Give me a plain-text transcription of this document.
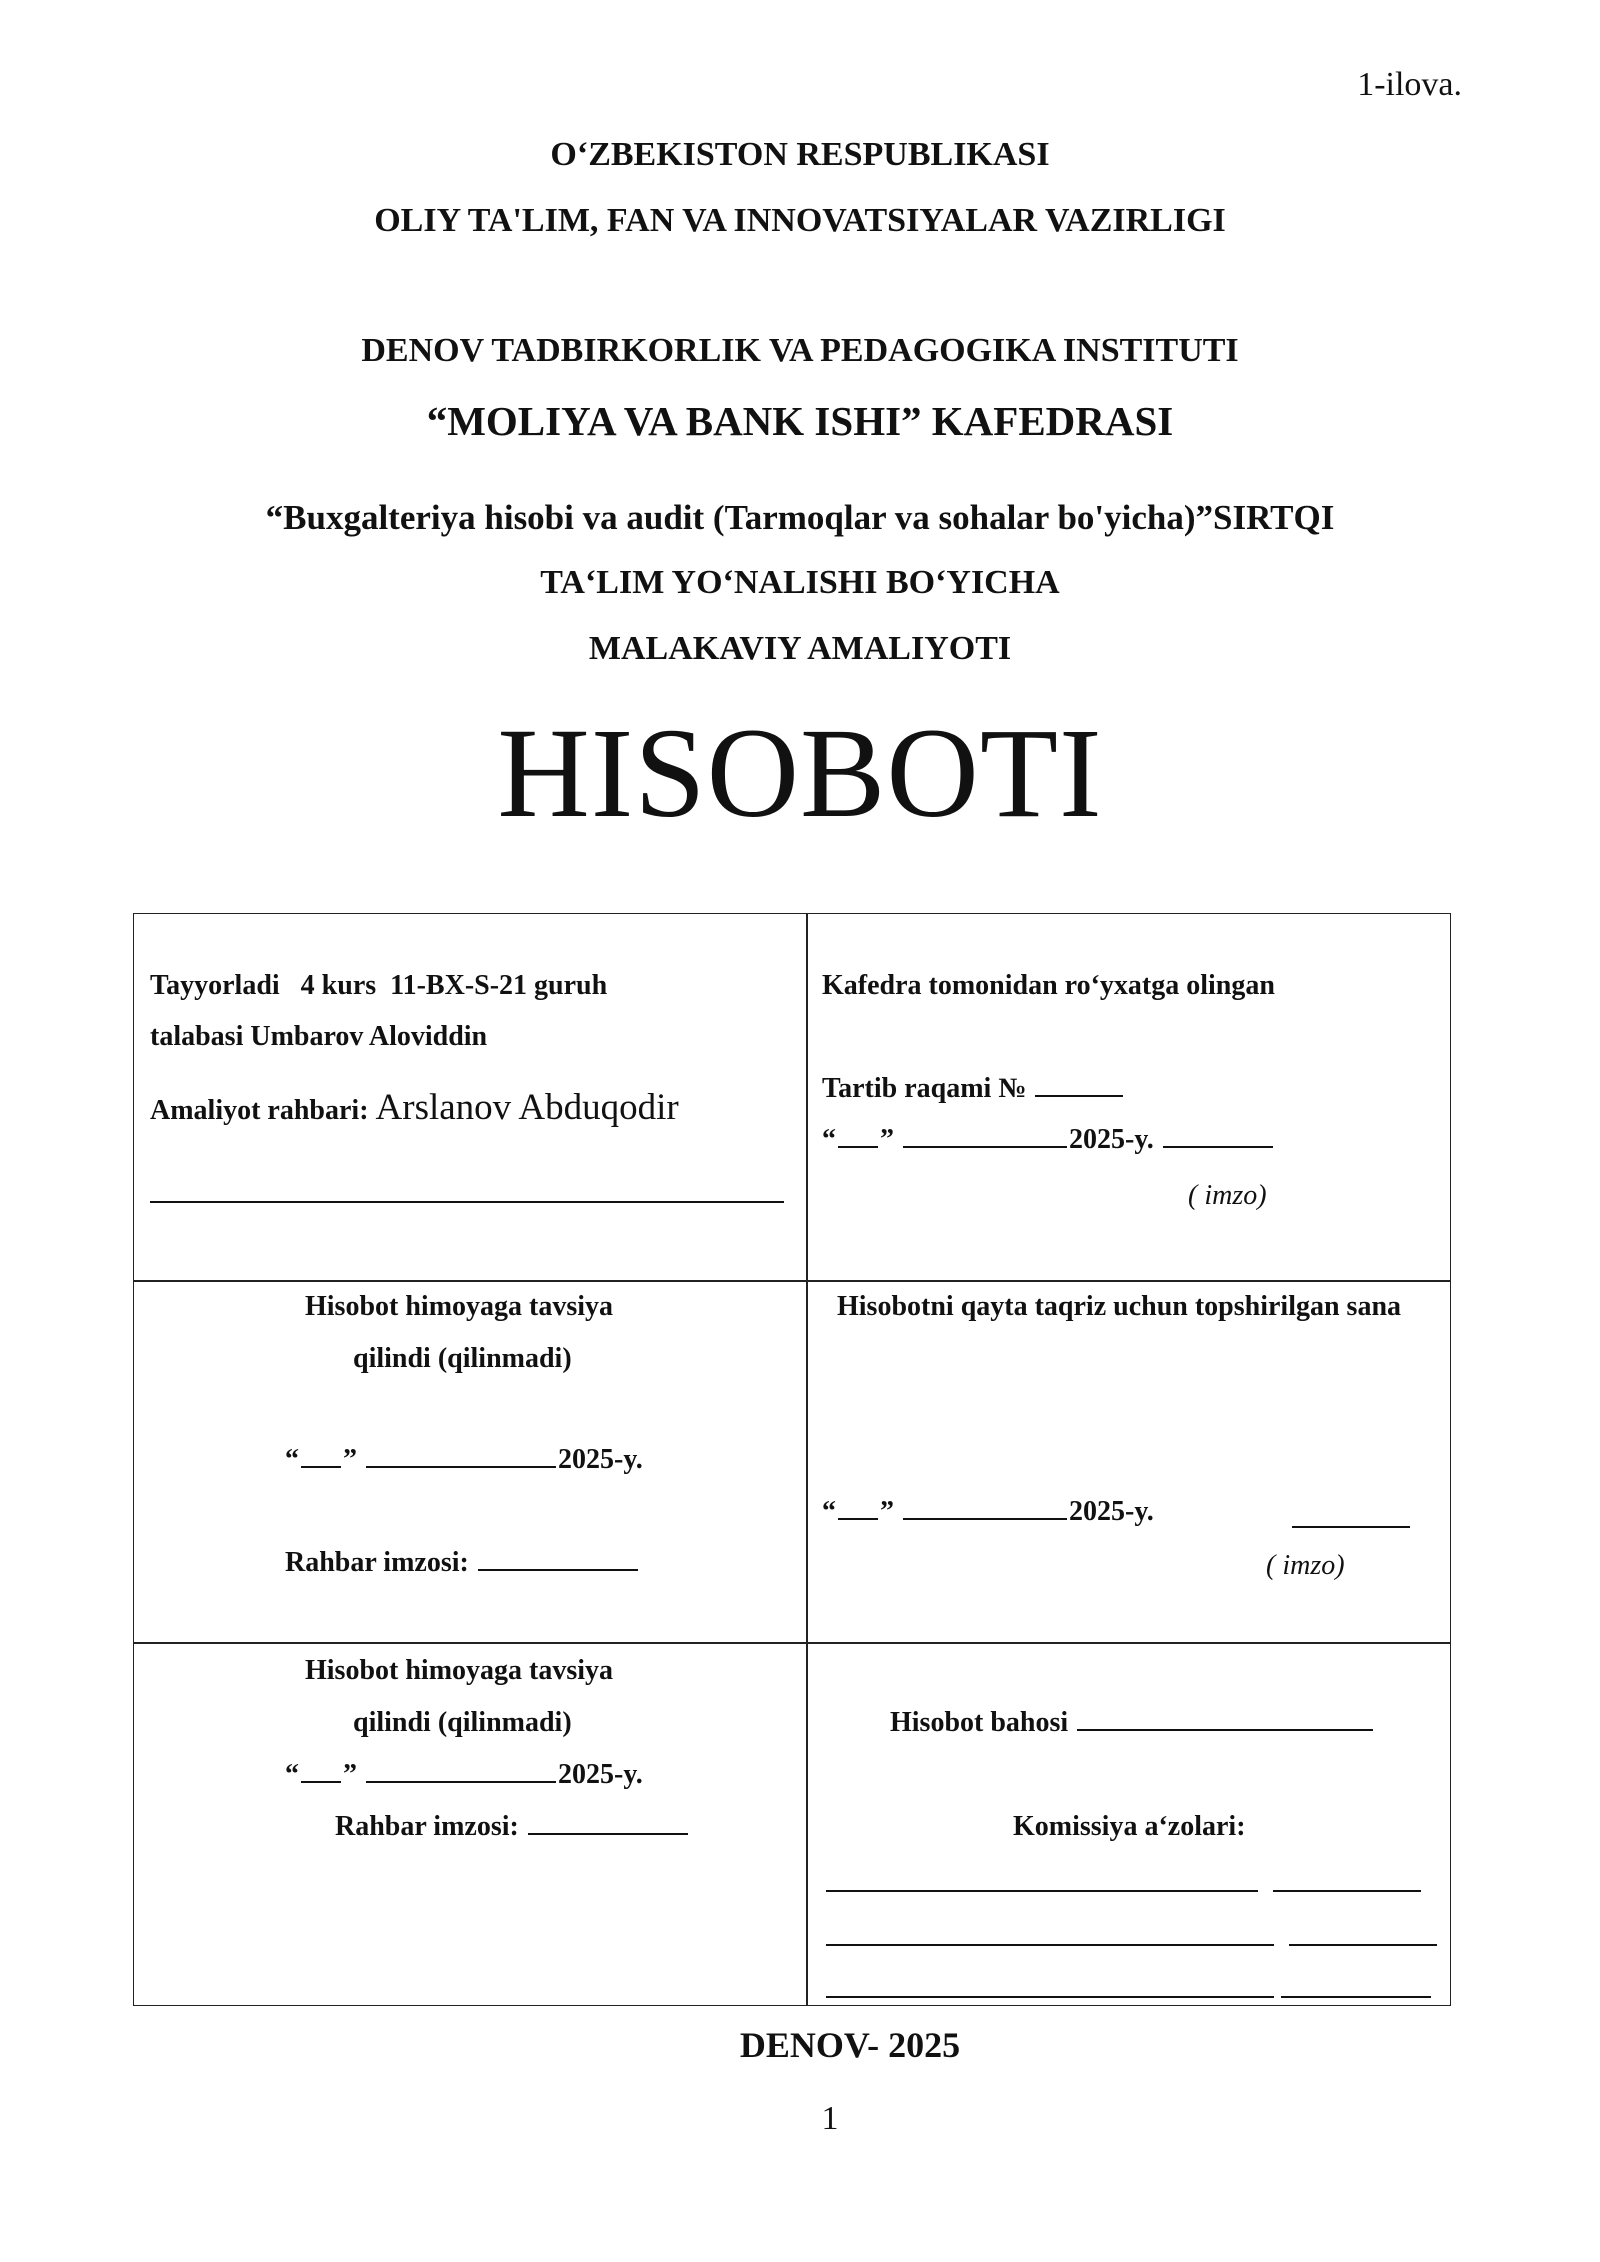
1-ilova.
O‘ZBEKISTON RESPUBLIKASI
OLIY TA'LIM, FAN VA INNOVATSIYALAR VAZIRLIGI
DENOV TADBIRKORLIK VA PEDAGOGIKA INSTITUTI
“MOLIYA VA BANK ISHI” KAFEDRASI
“Buxgalteriya hisobi va audit (Tarmoqlar va sohalar bo'yicha)”SIRTQI
TA‘LIM YO‘NALISHI BO‘YICHA
MALAKAVIY AMALIYOTI
HISOBOTI
Tayyorladi 4 kurs 11-BX-S-21 guruh
talabasi Umbarov Aloviddin
Amaliyot rahbari: Arslanov Abduqodir
Kafedra tomonidan ro‘yxatga olingan
Tartib raqami №
“ ”	2025-y.
( imzo)
Hisobot himoyaga tavsiya
qilindi (qilinmadi)
“ ”	2025-y.
Rahbar imzosi:
Hisobotni qayta taqriz uchun topshirilgan sana
“ ”	2025-y.
( imzo)
Hisobot himoyaga tavsiya
qilindi (qilinmadi)
“ ”	2025-y.
Rahbar imzosi:
Hisobot bahosi
Komissiya a‘zolari:
DENOV- 2025
1
